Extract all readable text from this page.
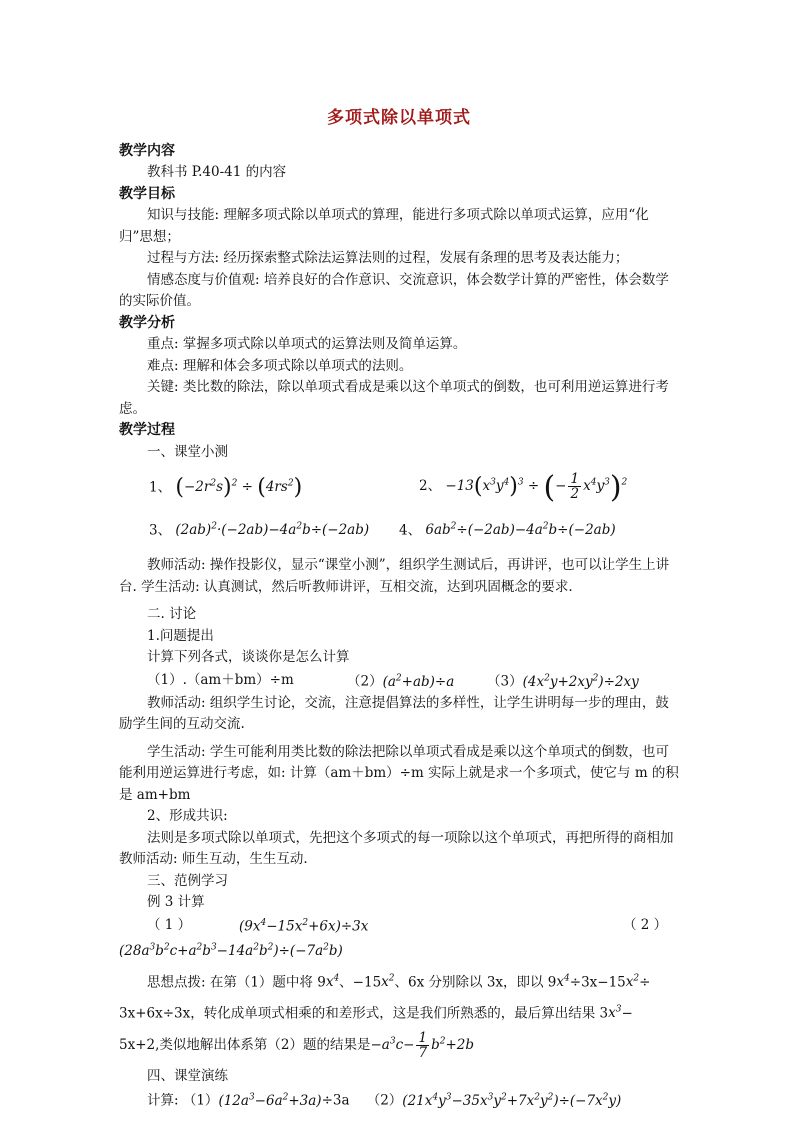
多项式除以单项式

教学内容

教科书 P.40-41 的内容

教学目标

知识与技能: 理解多项式除以单项式的算理，能进行多项式除以单项式运算，应用“化归”思想；

过程与方法: 经历探索整式除法运算法则的过程，发展有条理的思考及表达能力；

情感态度与价值观: 培养良好的合作意识、交流意识，体会数学计算的严密性，体会数学的实际价值。

教学分析

重点: 掌握多项式除以单项式的运算法则及简单运算。

难点: 理解和体会多项式除以单项式的法则。

关键: 类比数的除法，除以单项式看成是乘以这个单项式的倒数，也可利用逆运算进行考虑。

教学过程

一、课堂小测

1、 $(-2r^2s)^2 \div (4rs^2)$	2、 $-13(x^3y^4)^3$ ÷ (− $\frac{1}{2} x^4y^3)^2$
3、 $(2ab)^2\cdot(-2ab)-4a^2b\div(-2ab)$	4、 $6ab^2\div(-2ab)-4a^2b\div(-2ab)$

教师活动: 操作投影仪，显示“课堂小测”，组织学生测试后，再讲评，也可以让学生上讲台. 学生活动: 认真测试，然后听教师讲评，互相交流，达到巩固概念的要求.

二. 讨论

1.问题提出

计算下列各式，谈谈你是怎么计算

（1）.（am＋bm）÷m	$(2)(a^2+ab)\div a$	$(3)(4x^2y+2xy^2)\div 2xy$

教师活动: 组织学生讨论，交流，注意提倡算法的多样性，让学生讲明每一步的理由，鼓励学生间的互动交流.

学生活动: 学生可能利用类比数的除法把除以单项式看成是乘以这个单项式的倒数，也可能利用逆运算进行考虑，如: 计算（am＋bm）÷m 实际上就是求一个多项式，使它与 m 的积是 am+bm

2、形成共识:

法则是多项式除以单项式，先把这个多项式的每一项除以这个单项式，再把所得的商相加教师活动: 师生互动，生生互动.

三、范例学习

例 3 计算

（ 1 ）	$(9x^4-15x^2+6x)\div 3x$	（ 2 ）

$(28a^3b^2c+a^2b^3-14a^2b^2)\div(-7a^2b)$

思想点拨: 在第（1）题中将 $9x^4$、$-15x^2$、6x 分别除以 3x，即以 $9x^4\div 3x-15x^2\div$

3x+6x÷3x，转化成单项式相乘的和差形式，这是我们所熟悉的，最后算出结果 $3x^3-$

5x+2,类似地解出体系第（2）题的结果是$-a^3c- \frac{1}{7} b^2+2b$

四、课堂演练

计算: $(1)(12a^3-6a^2+3a)\div 3a$ $(2)(21x^4y^3-35x^3y^2+7x^2y^2)\div(-7x^2y)$
